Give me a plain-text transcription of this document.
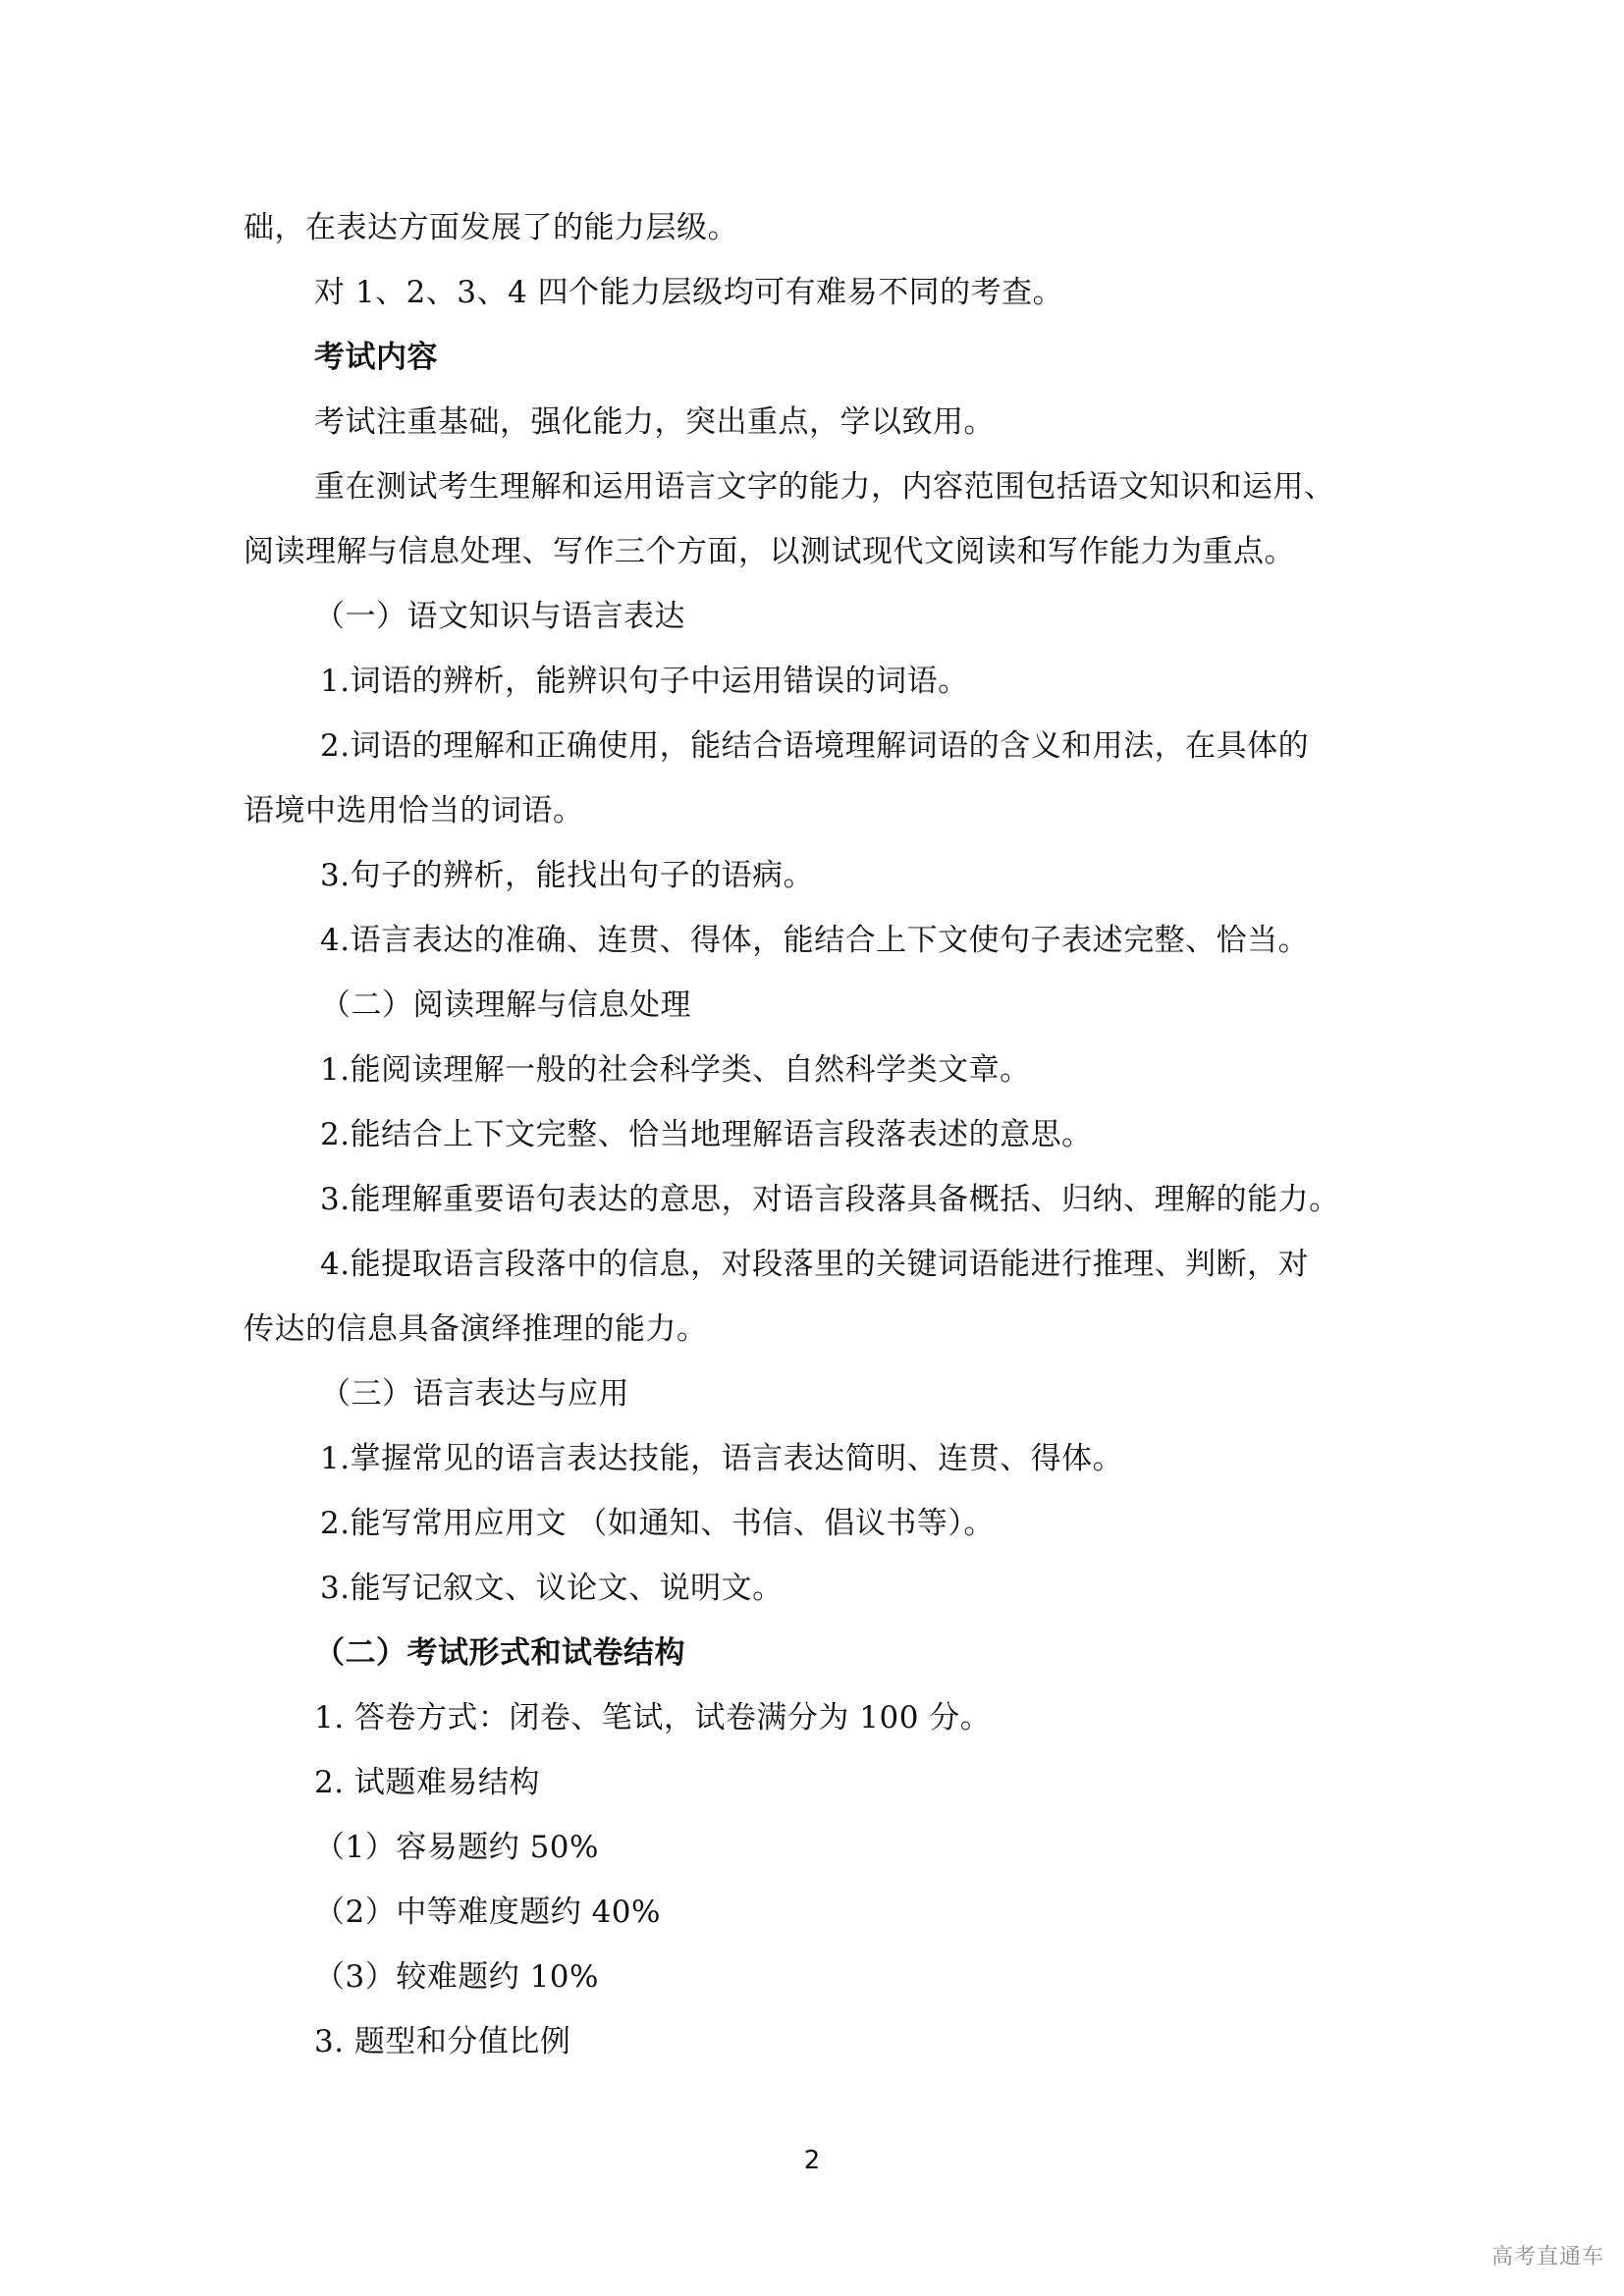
础，在表达方面发展了的能力层级。
对 1、2、3、4 四个能力层级均可有难易不同的考查。
考试内容
考试注重基础，强化能力，突出重点，学以致用。
重在测试考生理解和运用语言文字的能力，内容范围包括语文知识和运用、
阅读理解与信息处理、写作三个方面，以测试现代文阅读和写作能力为重点。
（一）语文知识与语言表达
1.词语的辨析，能辨识句子中运用错误的词语。
2.词语的理解和正确使用，能结合语境理解词语的含义和用法，在具体的
语境中选用恰当的词语。
3.句子的辨析，能找出句子的语病。
4.语言表达的准确、连贯、得体，能结合上下文使句子表述完整、恰当。
（二）阅读理解与信息处理
1.能阅读理解一般的社会科学类、自然科学类文章。
2.能结合上下文完整、恰当地理解语言段落表述的意思。
3.能理解重要语句表达的意思，对语言段落具备概括、归纳、理解的能力。
4.能提取语言段落中的信息，对段落里的关键词语能进行推理、判断，对
传达的信息具备演绎推理的能力。
（三）语言表达与应用
1.掌握常见的语言表达技能，语言表达简明、连贯、得体。
2.能写常用应用文 （如通知、书信、倡议书等）。
3.能写记叙文、议论文、说明文。
（二）考试形式和试卷结构
1. 答卷方式：闭卷、笔试，试卷满分为 100 分。
2. 试题难易结构
（1）容易题约 50%
（2）中等难度题约 40%
（3）较难题约 10%
3. 题型和分值比例
2
高考直通车
